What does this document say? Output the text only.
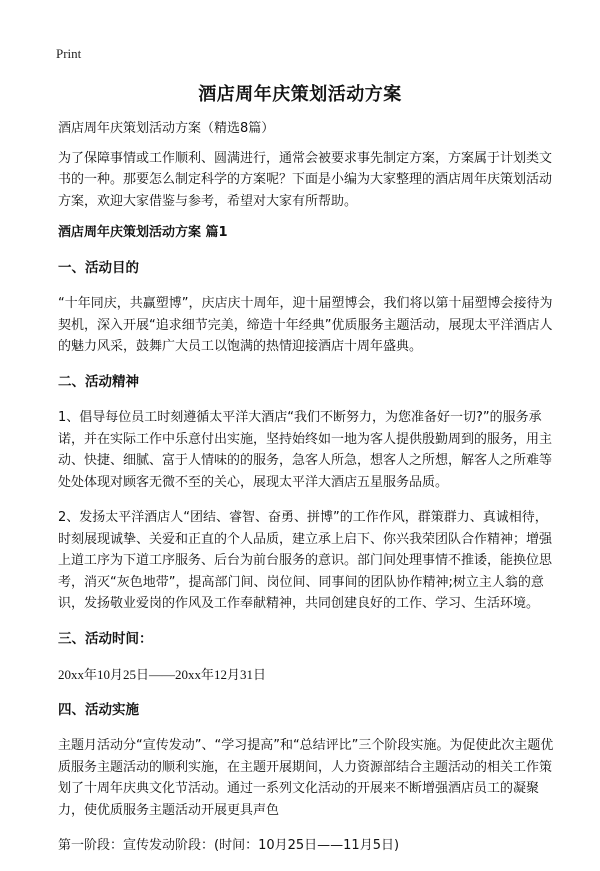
Print
酒店周年庆策划活动方案

酒店周年庆策划活动方案（精选8篇）

为了保障事情或工作顺利、圆满进行，通常会被要求事先制定方案，方案属于计划类文书的一种。那要怎么制定科学的方案呢？下面是小编为大家整理的酒店周年庆策划活动方案，欢迎大家借鉴与参考，希望对大家有所帮助。

酒店周年庆策划活动方案 篇1

一、活动目的

“十年同庆，共赢塑博”，庆店庆十周年，迎十届塑博会，我们将以第十届塑博会接待为契机，深入开展“追求细节完美，缔造十年经典”优质服务主题活动，展现太平洋酒店人的魅力风采，鼓舞广大员工以饱满的热情迎接酒店十周年盛典。

二、活动精神

1、倡导每位员工时刻遵循太平洋大酒店“我们不断努力，为您准备好一切?”的服务承诺，并在实际工作中乐意付出实施，坚持始终如一地为客人提供殷勤周到的服务，用主动、快捷、细腻、富于人情味的的服务，急客人所急，想客人之所想，解客人之所难等处处体现对顾客无微不至的关心，展现太平洋大酒店五星服务品质。

2、发扬太平洋酒店人“团结、睿智、奋勇、拼博”的工作作风，群策群力、真诚相待，时刻展现诚挚、关爱和正直的个人品质，建立承上启下、你兴我荣团队合作精神；增强上道工序为下道工序服务、后台为前台服务的意识。部门间处理事情不推诿，能换位思考，消灭“灰色地带”，提高部门间、岗位间、同事间的团队协作精神;树立主人翁的意识，发扬敬业爱岗的作风及工作奉献精神，共同创建良好的工作、学习、生活环境。

三、活动时间：

20xx年10月25日——20xx年12月31日

四、活动实施

主题月活动分“宣传发动”、“学习提高”和“总结评比”三个阶段实施。为促使此次主题优质服务主题活动的顺利实施，在主题开展期间，人力资源部结合主题活动的相关工作策划了十周年庆典文化节活动。通过一系列文化活动的开展来不断增强酒店员工的凝聚力，使优质服务主题活动开展更具声色

第一阶段：宣传发动阶段：(时间：10月25日——11月5日)
